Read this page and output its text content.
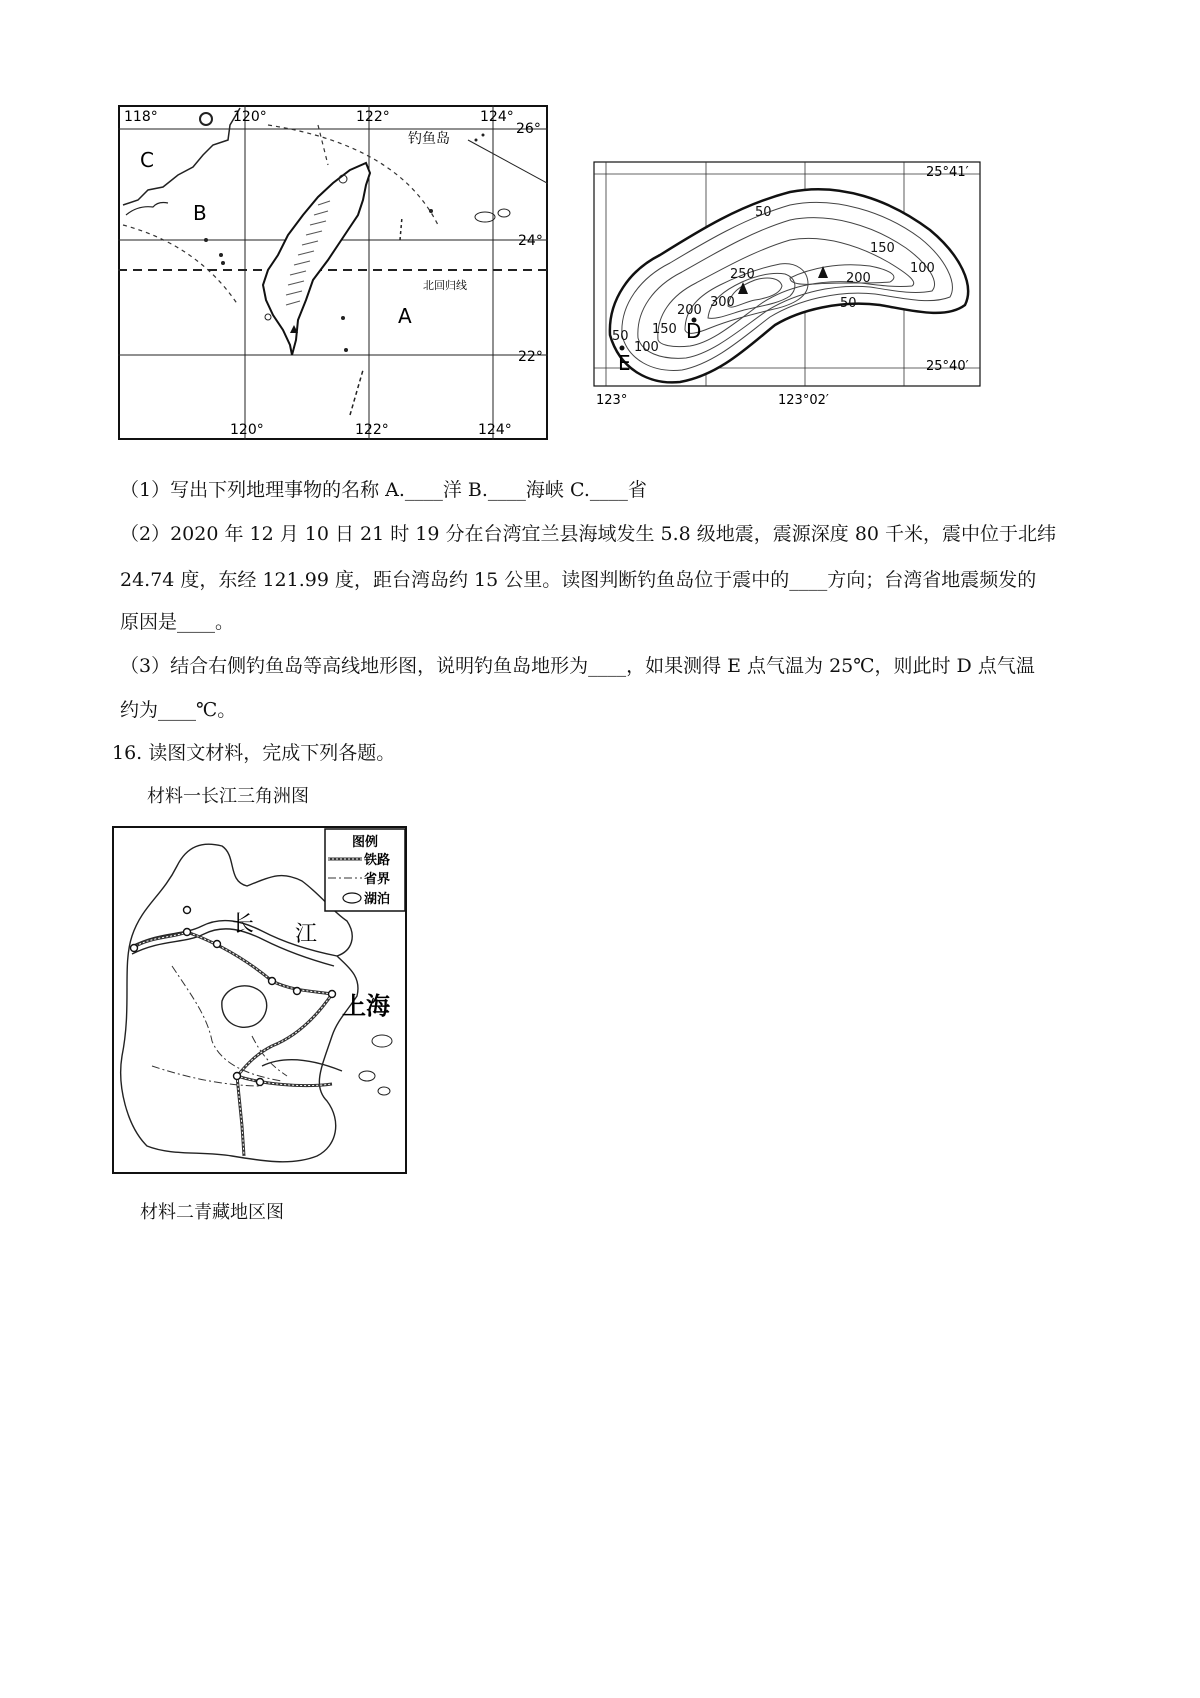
118°	120°	122°	124°
26°
24°
22°
120°	122°	124°
C
B
A
钓鱼岛
北回归线
50
150
100
250	200
300
200	50
150
100
50	D
E
25°41′
25°40′
123°	123°02′
（1）写出下列地理事物的名称 A.____洋 B.____海峡 C.____省
（2）2020 年 12 月 10 日 21 时 19 分在台湾宜兰县海域发生 5.8 级地震，震源深度 80 千米，震中位于北纬
24.74 度，东经 121.99 度，距台湾岛约 15 公里。读图判断钓鱼岛位于震中的____方向；台湾省地震频发的
原因是____。
（3）结合右侧钓鱼岛等高线地形图，说明钓鱼岛地形为____，如果测得 E 点气温为 25℃，则此时 D 点气温
约为____℃。
16. 读图文材料，完成下列各题。
材料一长江三角洲图
图例
铁路
省界
湖泊
长 江
上海
材料二青藏地区图
